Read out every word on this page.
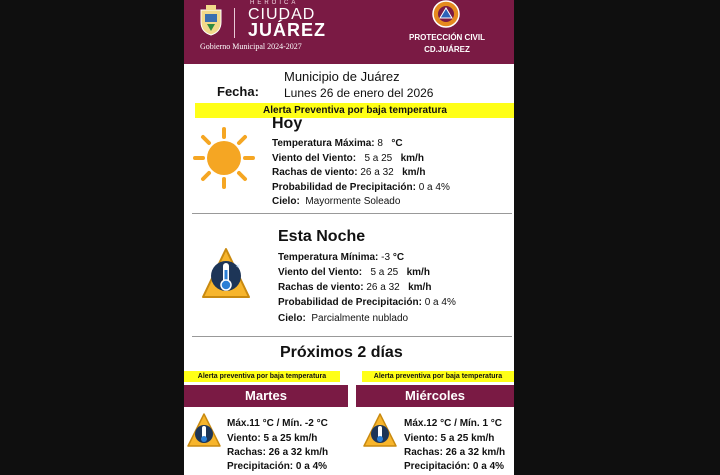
HEROICA
CIUDAD
JUÁREZ
Gobierno Municipal 2024-2027
PROTECCIÓN CIVIL
CD.JUÁREZ
Municipio de Juárez
Fecha: Lunes 26 de enero del 2026
Alerta Preventiva por baja temperatura
Hoy
Temperatura Máxima: 8 °C
Viento del Viento: 5 a 25 km/h
Rachas de viento: 26 a 32 km/h
Probabilidad de Precipitación: 0 a 4%
Cielo: Mayormente Soleado
*
Esta Noche
Temperatura Mínima: -3 °C
Viento del Viento: 5 a 25 km/h
Rachas de viento: 26 a 32 km/h
Probabilidad de Precipitación: 0 a 4%
Cielo: Parcialmente nublado
Próximos 2 días
Alerta preventiva por baja temperatura
Martes
Máx.11 °C / Mín. -2 °C
Viento: 5 a 25 km/h
Rachas: 26 a 32 km/h
Precipitación: 0 a 4%
Alerta preventiva por baja temperatura
Miércoles
Máx.12 °C / Mín. 1 °C
Viento: 5 a 25 km/h
Rachas: 26 a 32 km/h
Precipitación: 0 a 4%
